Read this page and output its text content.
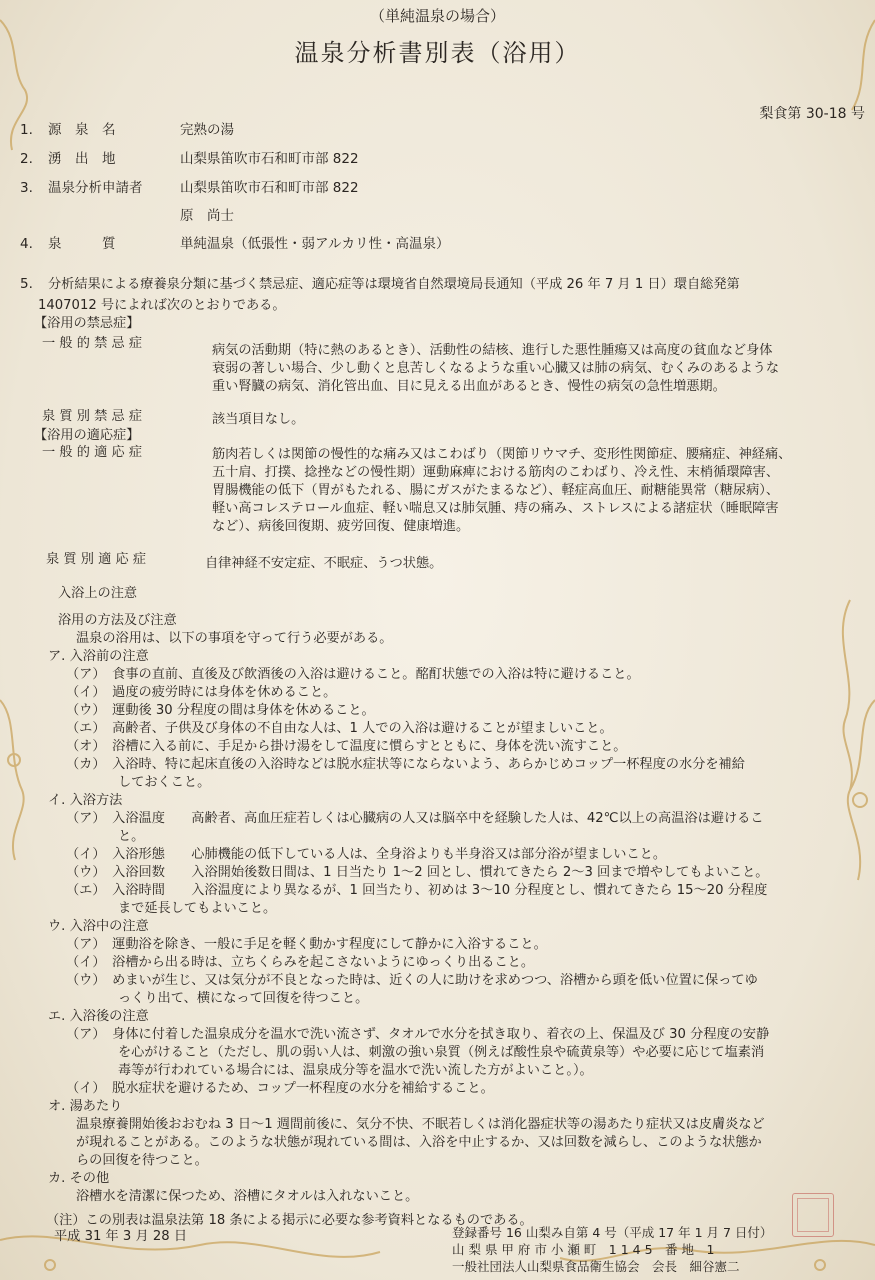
（単純温泉の場合）
温泉分析書別表（浴用）
梨食第 30-18 号
1. 源　泉　名	完熟の湯
2. 湧　出　地	山梨県笛吹市石和町市部 822
3. 温泉分析申請者	山梨県笛吹市石和町市部 822
原　尚士
4. 泉　　　質	単純温泉（低張性・弱アルカリ性・高温泉）
5. 分析結果による療養泉分類に基づく禁忌症、適応症等は環境省自然環境局長通知（平成 26 年 7 月 1 日）環自総発第
1407012 号によれば次のとおりである。
【浴用の禁忌症】
一 般 的 禁 忌 症	病気の活動期（特に熱のあるとき）、活動性の結核、進行した悪性腫瘍又は高度の貧血など身体
衰弱の著しい場合、少し動くと息苦しくなるような重い心臓又は肺の病気、むくみのあるような
重い腎臓の病気、消化管出血、目に見える出血があるとき、慢性の病気の急性増悪期。
泉 質 別 禁 忌 症	該当項目なし。
【浴用の適応症】
一 般 的 適 応 症	筋肉若しくは関節の慢性的な痛み又はこわばり（関節リウマチ、変形性関節症、腰痛症、神経痛、
五十肩、打撲、捻挫などの慢性期）運動麻痺における筋肉のこわばり、冷え性、末梢循環障害、
胃腸機能の低下（胃がもたれる、腸にガスがたまるなど）、軽症高血圧、耐糖能異常（糖尿病）、
軽い高コレステロール血症、軽い喘息又は肺気腫、痔の痛み、ストレスによる諸症状（睡眠障害
など）、病後回復期、疲労回復、健康増進。
泉 質 別 適 応 症	自律神経不安定症、不眠症、うつ状態。
入浴上の注意
浴用の方法及び注意
温泉の浴用は、以下の事項を守って行う必要がある。
ア. 入浴前の注意
（ア）　食事の直前、直後及び飲酒後の入浴は避けること。酩酊状態での入浴は特に避けること。
（イ）　過度の疲労時には身体を休めること。
（ウ）　運動後 30 分程度の間は身体を休めること。
（エ）　高齢者、子供及び身体の不自由な人は、1 人での入浴は避けることが望ましいこと。
（オ）　浴槽に入る前に、手足から掛け湯をして温度に慣らすとともに、身体を洗い流すこと。
（カ）　入浴時、特に起床直後の入浴時などは脱水症状等にならないよう、あらかじめコップ一杯程度の水分を補給
しておくこと。
イ. 入浴方法
（ア）　入浴温度　　高齢者、高血圧症若しくは心臓病の人又は脳卒中を経験した人は、42℃以上の高温浴は避けるこ
と。
（イ）　入浴形態　　心肺機能の低下している人は、全身浴よりも半身浴又は部分浴が望ましいこと。
（ウ）　入浴回数　　入浴開始後数日間は、1 日当たり 1〜2 回とし、慣れてきたら 2〜3 回まで増やしてもよいこと。
（エ）　入浴時間　　入浴温度により異なるが、1 回当たり、初めは 3〜10 分程度とし、慣れてきたら 15〜20 分程度
まで延長してもよいこと。
ウ. 入浴中の注意
（ア）　運動浴を除き、一般に手足を軽く動かす程度にして静かに入浴すること。
（イ）　浴槽から出る時は、立ちくらみを起こさないようにゆっくり出ること。
（ウ）　めまいが生じ、又は気分が不良となった時は、近くの人に助けを求めつつ、浴槽から頭を低い位置に保ってゆ
っくり出て、横になって回復を待つこと。
エ. 入浴後の注意
（ア）　身体に付着した温泉成分を温水で洗い流さず、タオルで水分を拭き取り、着衣の上、保温及び 30 分程度の安静
を心がけること（ただし、肌の弱い人は、刺激の強い泉質（例えば酸性泉や硫黄泉等）や必要に応じて塩素消
毒等が行われている場合には、温泉成分等を温水で洗い流した方がよいこと。）。
（イ）　脱水症状を避けるため、コップ一杯程度の水分を補給すること。
オ. 湯あたり
温泉療養開始後おおむね 3 日〜1 週間前後に、気分不快、不眠若しくは消化器症状等の湯あたり症状又は皮膚炎など
が現れることがある。このような状態が現れている間は、入浴を中止するか、又は回数を減らし、このような状態か
らの回復を待つこと。
カ. その他
浴槽水を清潔に保つため、浴槽にタオルは入れないこと。
（注）この別表は温泉法第 18 条による掲示に必要な参考資料となるものである。
平成 31 年 3 月 28 日	登録番号 16 山梨み自第 4 号（平成 17 年 1 月 7 日付）
山 梨 県 甲 府 市 小 瀬 町　1 1 4 5　番 地　1
一般社団法人山梨県食品衛生協会　会長　細谷憲二
